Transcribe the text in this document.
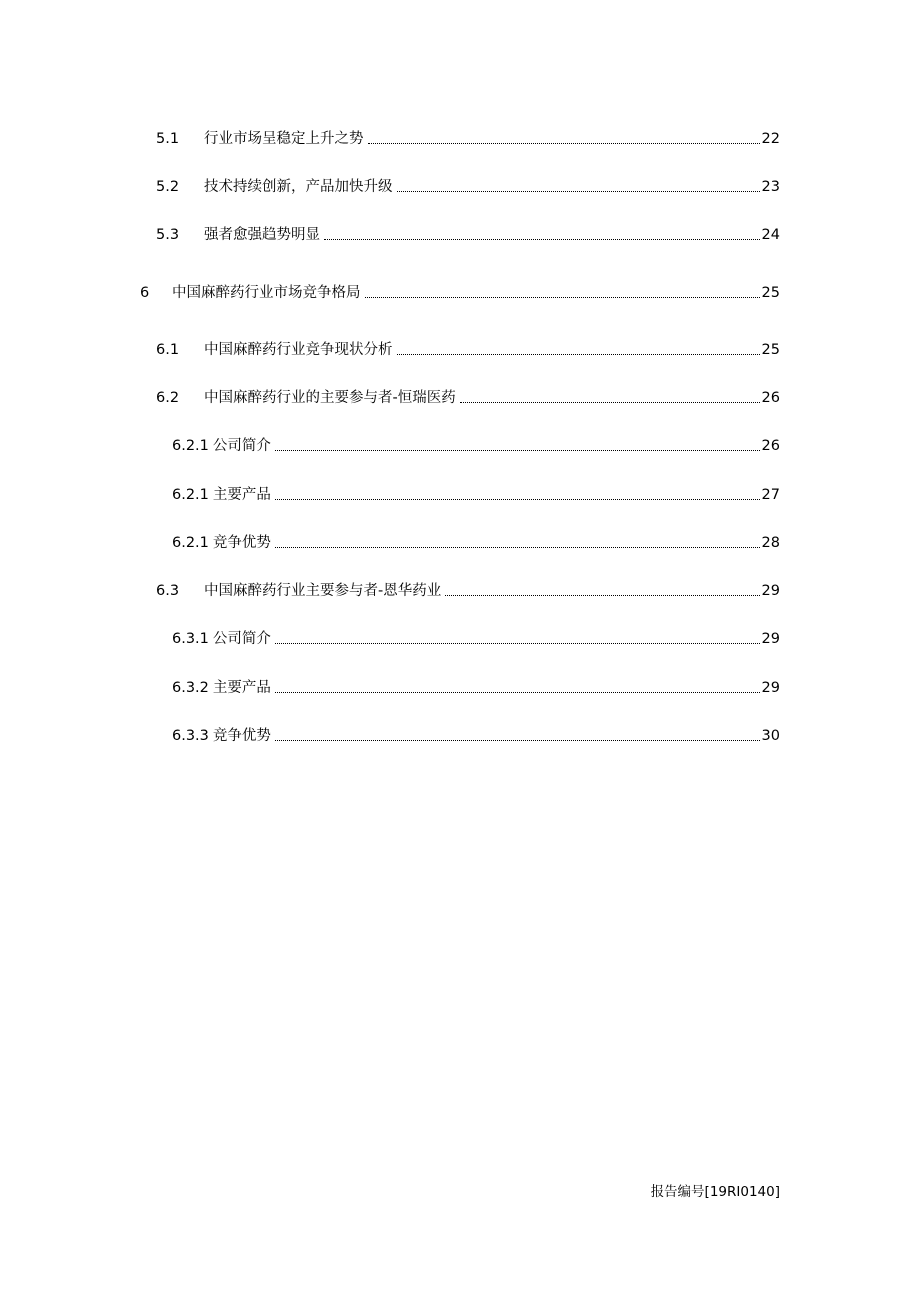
5.1	行业市场呈稳定上升之势	22
5.2	技术持续创新，产品加快升级	23
5.3	强者愈强趋势明显	24
6	中国麻醉药行业市场竞争格局	25
6.1	中国麻醉药行业竞争现状分析	25
6.2	中国麻醉药行业的主要参与者-恒瑞医药	26
6.2.1 公司简介	26
6.2.1 主要产品	27
6.2.1 竞争优势	28
6.3	中国麻醉药行业主要参与者-恩华药业	29
6.3.1 公司简介	29
6.3.2 主要产品	29
6.3.3 竞争优势	30
报告编号[19RI0140]
